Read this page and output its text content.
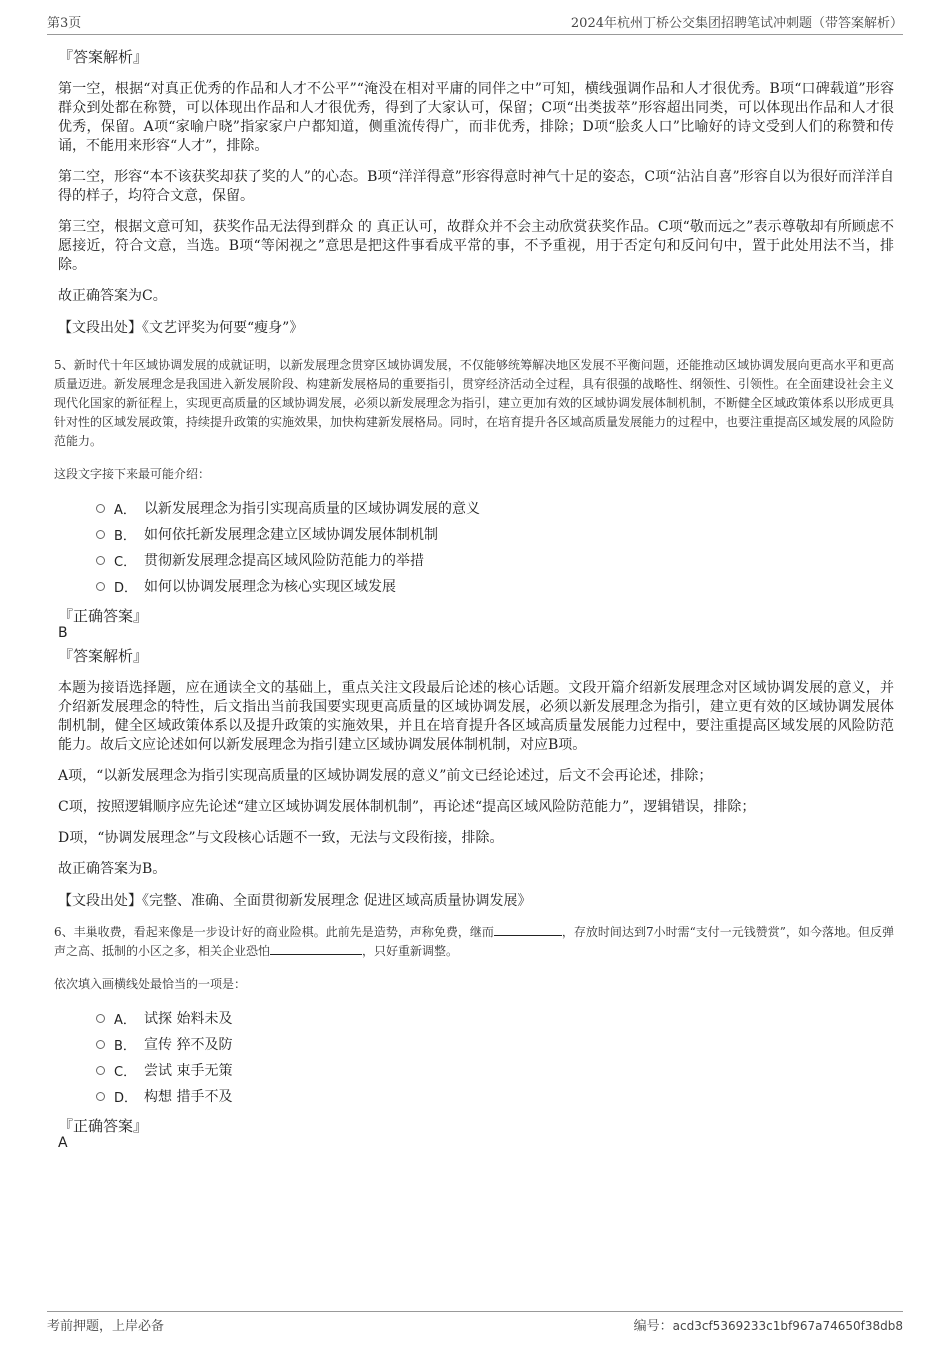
第3页	2024年杭州丁桥公交集团招聘笔试冲刺题（带答案解析）

『答案解析』

第一空，根据“对真正优秀的作品和人才不公平”“淹没在相对平庸的同伴之中”可知，横线强调作品和人才很优秀。B项“口碑载道”形容群众到处都在称赞，可以体现出作品和人才很优秀，得到了大家认可，保留；C项“出类拔萃”形容超出同类，可以体现出作品和人才很优秀，保留。A项“家喻户晓”指家家户户都知道，侧重流传得广，而非优秀，排除；D项“脍炙人口”比喻好的诗文受到人们的称赞和传诵，不能用来形容“人才”，排除。

第二空，形容“本不该获奖却获了奖的人”的心态。B项“洋洋得意”形容得意时神气十足的姿态，C项“沾沾自喜”形容自以为很好而洋洋自得的样子，均符合文意，保留。

第三空，根据文意可知，获奖作品无法得到群众 的 真正认可，故群众并不会主动欣赏获奖作品。C项“敬而远之”表示尊敬却有所顾虑不愿接近，符合文意，当选。B项“等闲视之”意思是把这件事看成平常的事，不予重视，用于否定句和反问句中，置于此处用法不当，排除。

故正确答案为C。

【文段出处】《文艺评奖为何要“瘦身”》

5、新时代十年区域协调发展的成就证明，以新发展理念贯穿区域协调发展，不仅能够统筹解决地区发展不平衡问题，还能推动区域协调发展向更高水平和更高质量迈进。新发展理念是我国进入新发展阶段、构建新发展格局的重要指引，贯穿经济活动全过程，具有很强的战略性、纲领性、引领性。在全面建设社会主义现代化国家的新征程上，实现更高质量的区域协调发展，必须以新发展理念为指引，建立更加有效的区域协调发展体制机制，不断健全区域政策体系以形成更具针对性的区域发展政策，持续提升政策的实施效果，加快构建新发展格局。同时，在培育提升各区域高质量发展能力的过程中，也要注重提高区域发展的风险防范能力。

这段文字接下来最可能介绍：

A． 以新发展理念为指引实现高质量的区域协调发展的意义
B． 如何依托新发展理念建立区域协调发展体制机制
C． 贯彻新发展理念提高区域风险防范能力的举措
D． 如何以协调发展理念为核心实现区域发展

『正确答案』

B

『答案解析』

本题为接语选择题，应在通读全文的基础上，重点关注文段最后论述的核心话题。文段开篇介绍新发展理念对区域协调发展的意义，并介绍新发展理念的特性，后文指出当前我国要实现更高质量的区域协调发展，必须以新发展理念为指引，建立更有效的区域协调发展体制机制，健全区域政策体系以及提升政策的实施效果，并且在培育提升各区域高质量发展能力过程中，要注重提高区域发展的风险防范能力。故后文应论述如何以新发展理念为指引建立区域协调发展体制机制，对应B项。

A项，“以新发展理念为指引实现高质量的区域协调发展的意义”前文已经论述过，后文不会再论述，排除；

C项，按照逻辑顺序应先论述“建立区域协调发展体制机制”，再论述“提高区域风险防范能力”，逻辑错误，排除；

D项，“协调发展理念”与文段核心话题不一致，无法与文段衔接，排除。

故正确答案为B。

【文段出处】《完整、准确、全面贯彻新发展理念 促进区域高质量协调发展》

6、丰巢收费，看起来像是一步设计好的商业险棋。此前先是造势，声称免费，继而	，存放时间达到7小时需“支付一元钱赞赏”，如今落地。但反弹声之高、抵制的小区之多，相关企业恐怕	，只好重新调整。

依次填入画横线处最恰当的一项是：

A． 试探 始料未及
B． 宣传 猝不及防
C． 尝试 束手无策
D． 构想 措手不及

『正确答案』

A

考前押题，上岸必备	编号：acd3cf5369233c1bf967a74650f38db8
